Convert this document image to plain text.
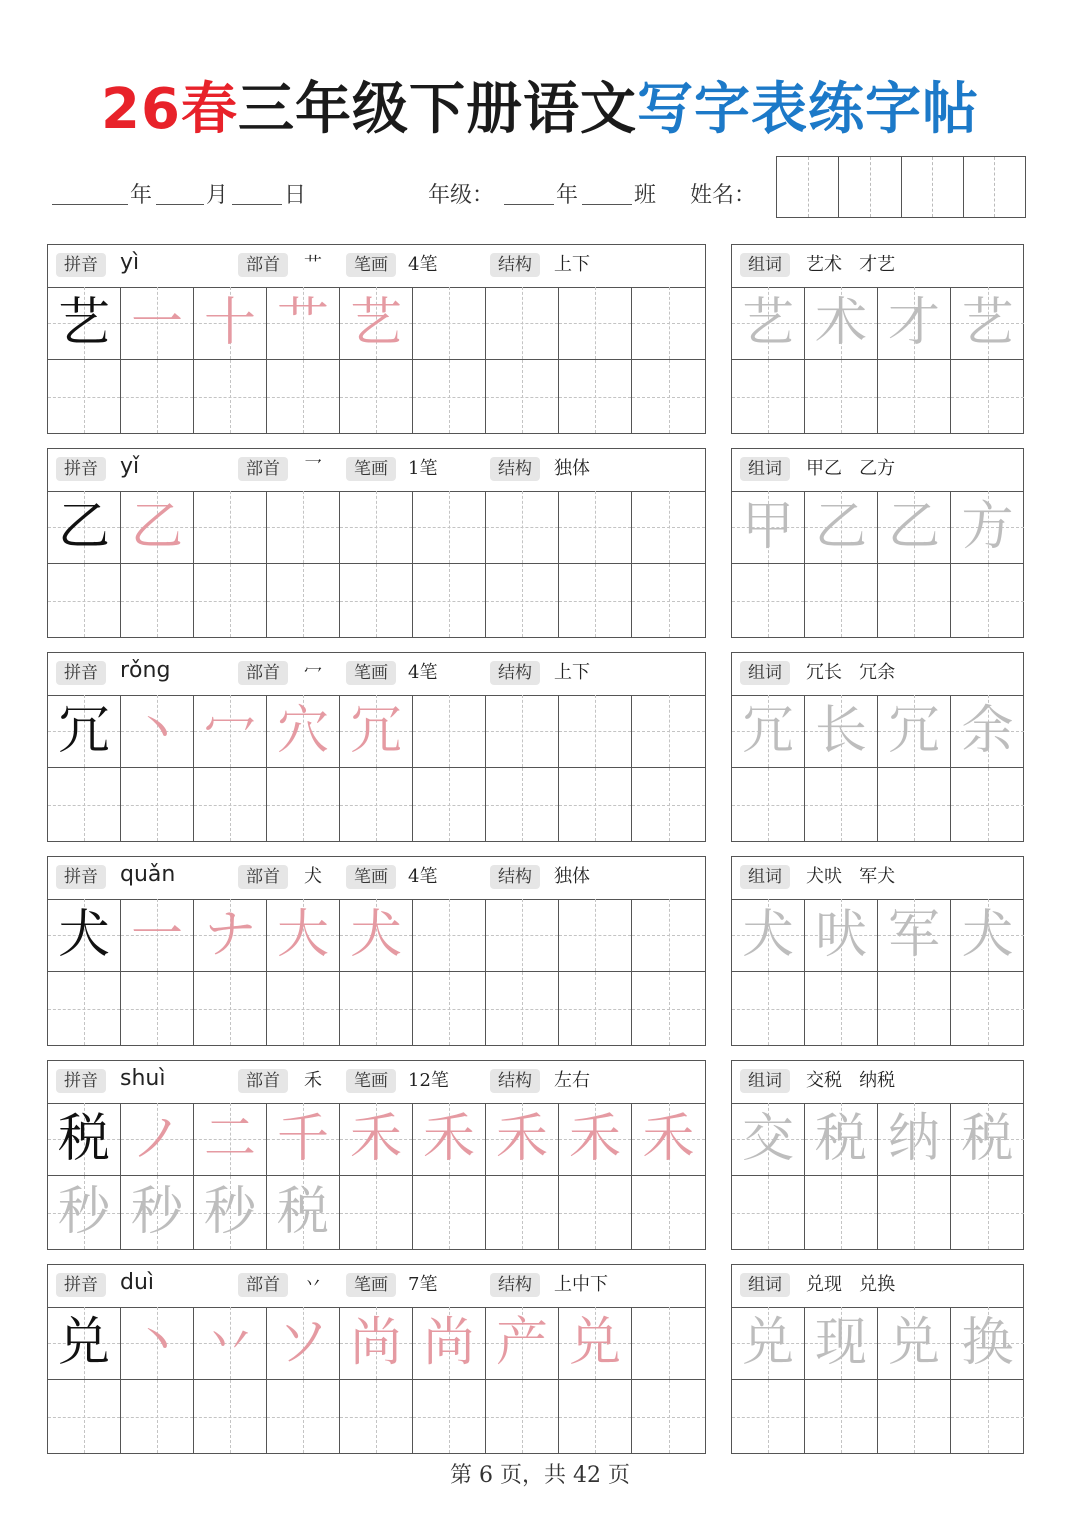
26春三年级下册语文写字表练字帖
年 月	日	年级：	年	班 姓名：
拼音	yì	部首	艹	笔画	4笔	结构	上下
艺 一 十 艹 艺
组词	艺术   才艺
艺 术 才 艺
拼音	yǐ	部首	乛	笔画	1笔	结构	独体
乙 乙
组词	甲乙   乙方
甲 乙 乙 方
拼音	rǒng	部首	冖	笔画	4笔	结构	上下
冗 丶 冖 穴 冗
组词	冗长   冗余
冗 长 冗 余
拼音	quǎn	部首	犬	笔画	4笔	结构	独体
犬 一 ナ 大 犬
组词	犬吠   军犬
犬 吠 军 犬
拼音	shuì	部首	禾	笔画	12笔	结构	左右
税 ノ 二 千 禾 禾 禾 禾 禾
秒 秒 秒 税
组词	交税   纳税
交 税 纳 税
拼音	duì	部首	丷	笔画	7笔	结构	上中下
兑 丶 丷 ソ 尚 尚 产 兑
组词	兑现   兑换
兑 现 兑 换
第 6 页，共 42 页
